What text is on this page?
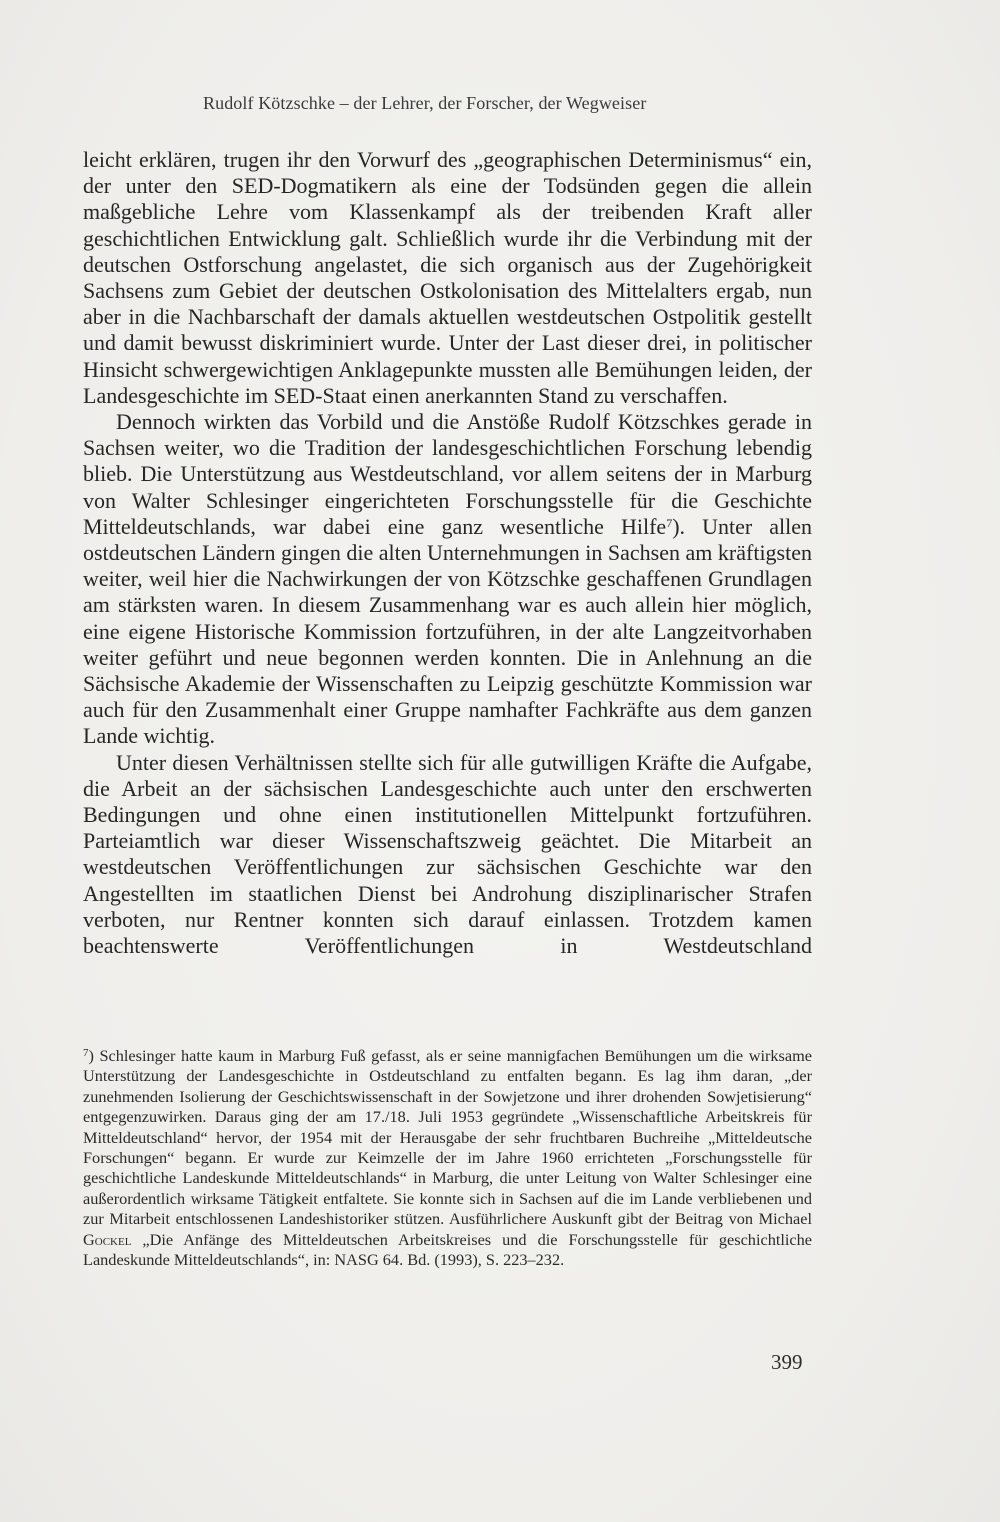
Rudolf Kötzschke – der Lehrer, der Forscher, der Wegweiser

leicht erklären, trugen ihr den Vorwurf des „geographischen Determinismus“ ein, der unter den SED-Dogmatikern als eine der Todsünden gegen die allein maßgebliche Lehre vom Klassenkampf als der treibenden Kraft aller geschichtlichen Entwicklung galt. Schließlich wurde ihr die Verbindung mit der deutschen Ostforschung angelastet, die sich organisch aus der Zugehörigkeit Sachsens zum Gebiet der deutschen Ostkolonisation des Mittelalters ergab, nun aber in die Nachbarschaft der damals aktuellen westdeutschen Ostpolitik gestellt und damit bewusst diskriminiert wurde. Unter der Last dieser drei, in politischer Hinsicht schwergewichtigen Anklagepunkte mussten alle Bemühungen leiden, der Landesgeschichte im SED-Staat einen anerkannten Stand zu verschaffen.

Dennoch wirkten das Vorbild und die Anstöße Rudolf Kötzschkes gerade in Sachsen weiter, wo die Tradition der landesgeschichtlichen Forschung lebendig blieb. Die Unterstützung aus Westdeutschland, vor allem seitens der in Marburg von Walter Schlesinger eingerichteten Forschungsstelle für die Geschichte Mitteldeutschlands, war dabei eine ganz wesentliche Hilfe$^7$). Unter allen ostdeutschen Ländern gingen die alten Unternehmungen in Sachsen am kräftigsten weiter, weil hier die Nachwirkungen der von Kötzschke geschaffenen Grundlagen am stärksten waren. In diesem Zusammenhang war es auch allein hier möglich, eine eigene Historische Kommission fortzuführen, in der alte Langzeitvorhaben weiter geführt und neue begonnen werden konnten. Die in Anlehnung an die Sächsische Akademie der Wissenschaften zu Leipzig geschützte Kommission war auch für den Zusammenhalt einer Gruppe namhafter Fachkräfte aus dem ganzen Lande wichtig.

Unter diesen Verhältnissen stellte sich für alle gutwilligen Kräfte die Aufgabe, die Arbeit an der sächsischen Landesgeschichte auch unter den erschwerten Bedingungen und ohne einen institutionellen Mittelpunkt fortzuführen. Parteiamtlich war dieser Wissenschaftszweig geächtet. Die Mitarbeit an westdeutschen Veröffentlichungen zur sächsischen Geschichte war den Angestellten im staatlichen Dienst bei Androhung disziplinarischer Strafen verboten, nur Rentner konnten sich darauf einlassen. Trotzdem kamen beachtenswerte Veröffentlichungen in Westdeutschland

$^7$) Schlesinger hatte kaum in Marburg Fuß gefasst, als er seine mannigfachen Bemühungen um die wirksame Unterstützung der Landesgeschichte in Ostdeutschland zu entfalten begann. Es lag ihm daran, „der zunehmenden Isolierung der Geschichtswissenschaft in der Sowjetzone und ihrer drohenden Sowjetisierung“ entgegenzuwirken. Daraus ging der am 17./18. Juli 1953 gegründete „Wissenschaftliche Arbeitskreis für Mitteldeutschland“ hervor, der 1954 mit der Herausgabe der sehr fruchtbaren Buchreihe „Mitteldeutsche Forschungen“ begann. Er wurde zur Keimzelle der im Jahre 1960 errichteten „Forschungsstelle für geschichtliche Landeskunde Mitteldeutschlands“ in Marburg, die unter Leitung von Walter Schlesinger eine außerordentlich wirksame Tätigkeit entfaltete. Sie konnte sich in Sachsen auf die im Lande verbliebenen und zur Mitarbeit entschlossenen Landeshistoriker stützen. Ausführlichere Auskunft gibt der Beitrag von Michael Gockel „Die Anfänge des Mitteldeutschen Arbeitskreises und die Forschungsstelle für geschichtliche Landeskunde Mitteldeutschlands“, in: NASG 64. Bd. (1993), S. 223–232.

399
